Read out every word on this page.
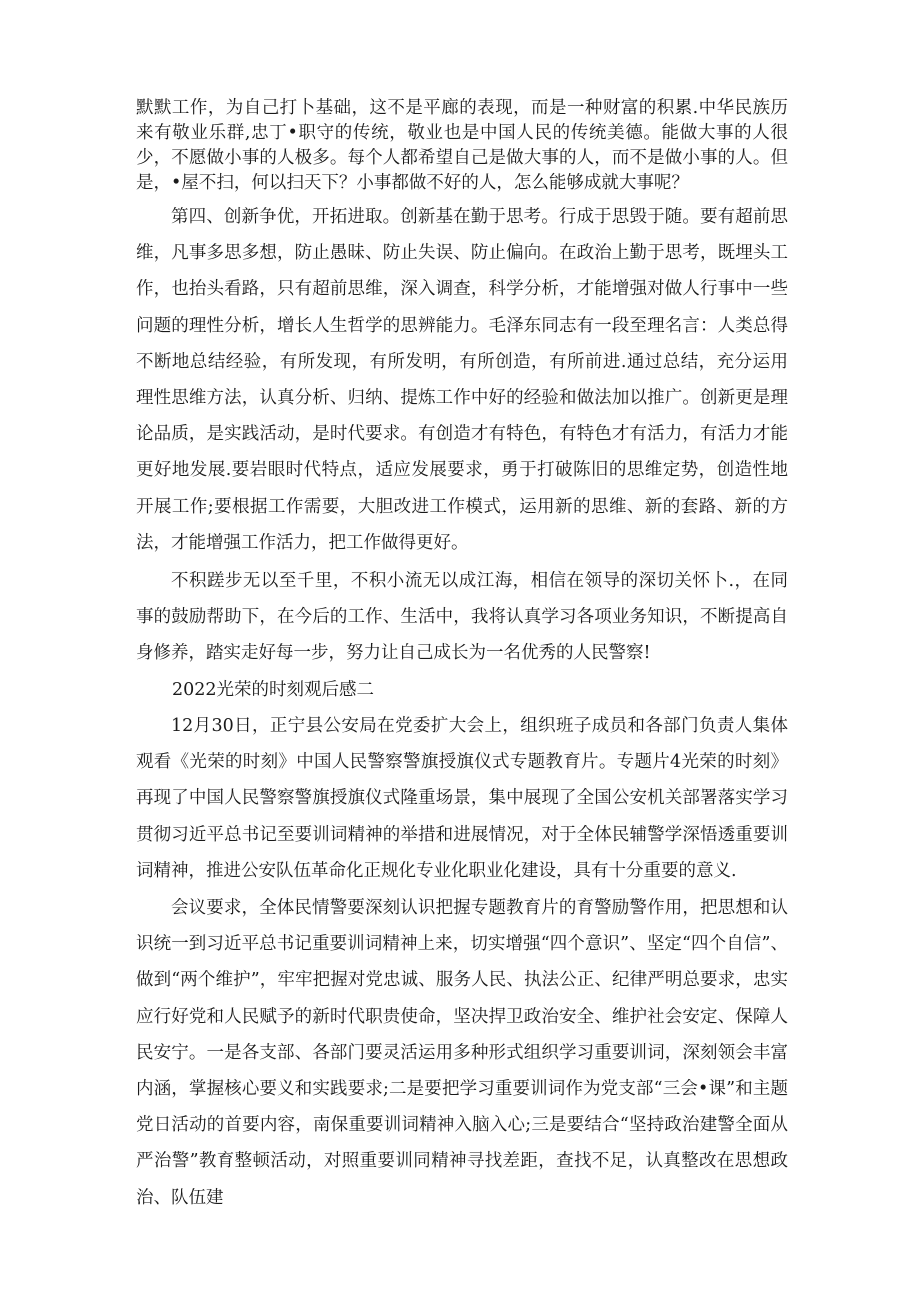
默默工作，为自己打卜基础，这不是平廊的表现，而是一种财富的积累.中华民族历来有敬业乐群,忠丁•职守的传统，敬业也是中国人民的传统美德。能做大事的人很少，不愿做小事的人极多。每个人都希望自己是做大事的人，而不是做小事的人。但是，•屋不扫，何以扫天下？小事都做不好的人，怎么能够成就大事呢？

第四、创新争优，开拓进取。创新基在勤于思考。行成于思毁于随。要有超前思维，凡事多思多想，防止愚昧、防止失误、防止偏向。在政治上勤于思考，既埋头工作，也抬头看路，只有超前思维，深入调查，科学分析，才能增强对做人行事中一些问题的理性分析，增长人生哲学的思辨能力。毛泽东同志有一段至理名言：人类总得不断地总结经验，有所发现，有所发明，有所创造，有所前进.通过总结，充分运用理性思维方法，认真分析、归纳、提炼工作中好的经验和做法加以推广。创新更是理论品质，是实践活动，是时代要求。有创造才有特色，有特色才有活力，有活力才能更好地发展.要岩眼时代特点，适应发展要求，勇于打破陈旧的思维定势，创造性地开展工作;要根据工作需要，大胆改进工作模式，运用新的思维、新的套路、新的方法，才能增强工作活力，把工作做得更好。

不积蹉步无以至千里，不积小流无以成江海，相信在领导的深切关怀卜.，在同事的鼓励帮助下，在今后的工作、生活中，我将认真学习各项业务知识，不断提高自身修养，踏实走好每一步，努力让自己成长为一名优秀的人民警察!

2022光荣的时刻观后感二

12月30日，正宁县公安局在党委扩大会上，组织班子成员和各部门负责人集体观看《光荣的时刻》中国人民警察警旗授旗仪式专题教育片。专题片4光荣的时刻》再现了中国人民警察警旗授旗仪式隆重场景，集中展现了全国公安机关部署落实学习贯彻习近平总书记至要训词精神的举措和进展情况，对于全体民辅警学深悟透重要训词精神，推进公安队伍革命化正规化专业化职业化建设，具有十分重要的意义.

会议要求，全体民情警要深刻认识把握专题教育片的育警励警作用，把思想和认识统一到习近平总书记重要训词精神上来，切实增强“四个意识”、坚定“四个自信”、做到“两个维护”，牢牢把握对党忠诚、服务人民、执法公正、纪律严明总要求，忠实应行好党和人民赋予的新时代职贵使命，坚决捍卫政治安全、维护社会安定、保障人民安宁。一是各支部、各部门要灵活运用多种形式组织学习重要训词，深刻领会丰富内涵，掌握核心要义和实践要求;二是要把学习重要训词作为党支部“三会•课”和主题党日活动的首要内容，南保重要训词精神入脑入心;三是要结合“坚持政治建警全面从严治警”教育整顿活动，对照重要训同精神寻找差距，查找不足，认真整改在思想政治、队伍建
